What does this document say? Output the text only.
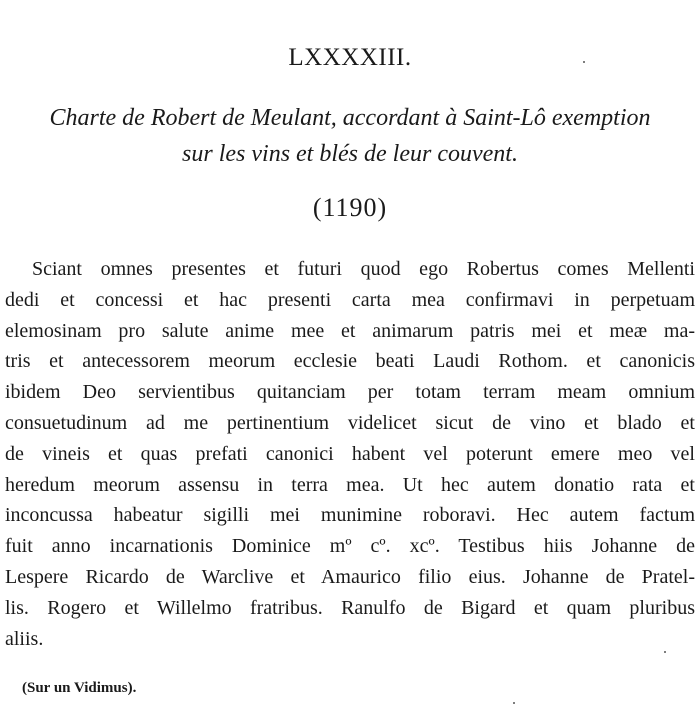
LXXXXIII.
Charte de Robert de Meulant, accordant à Saint-Lô exemption
sur les vins et blés de leur couvent.
(1190)
Sciant omnes presentes et futuri quod ego Robertus comes Mellenti
dedi et concessi et hac presenti carta mea confirmavi in perpetuam
elemosinam pro salute anime mee et animarum patris mei et meæ ma-
tris et antecessorem meorum ecclesie beati Laudi Rothom. et canonicis
ibidem Deo servientibus quitanciam per totam terram meam omnium
consuetudinum ad me pertinentium videlicet sicut de vino et blado et
de vineis et quas prefati canonici habent vel poterunt emere meo vel
heredum meorum assensu in terra mea. Ut hec autem donatio rata et
inconcussa habeatur sigilli mei munimine roboravi. Hec autem factum
fuit anno incarnationis Dominice mº cº. xcº. Testibus hiis Johanne de
Lespere Ricardo de Warclive et Amaurico filio eius. Johanne de Pratel-
lis. Rogero et Willelmo fratribus. Ranulfo de Bigard et quam pluribus
aliis.
(Sur un Vidimus).
